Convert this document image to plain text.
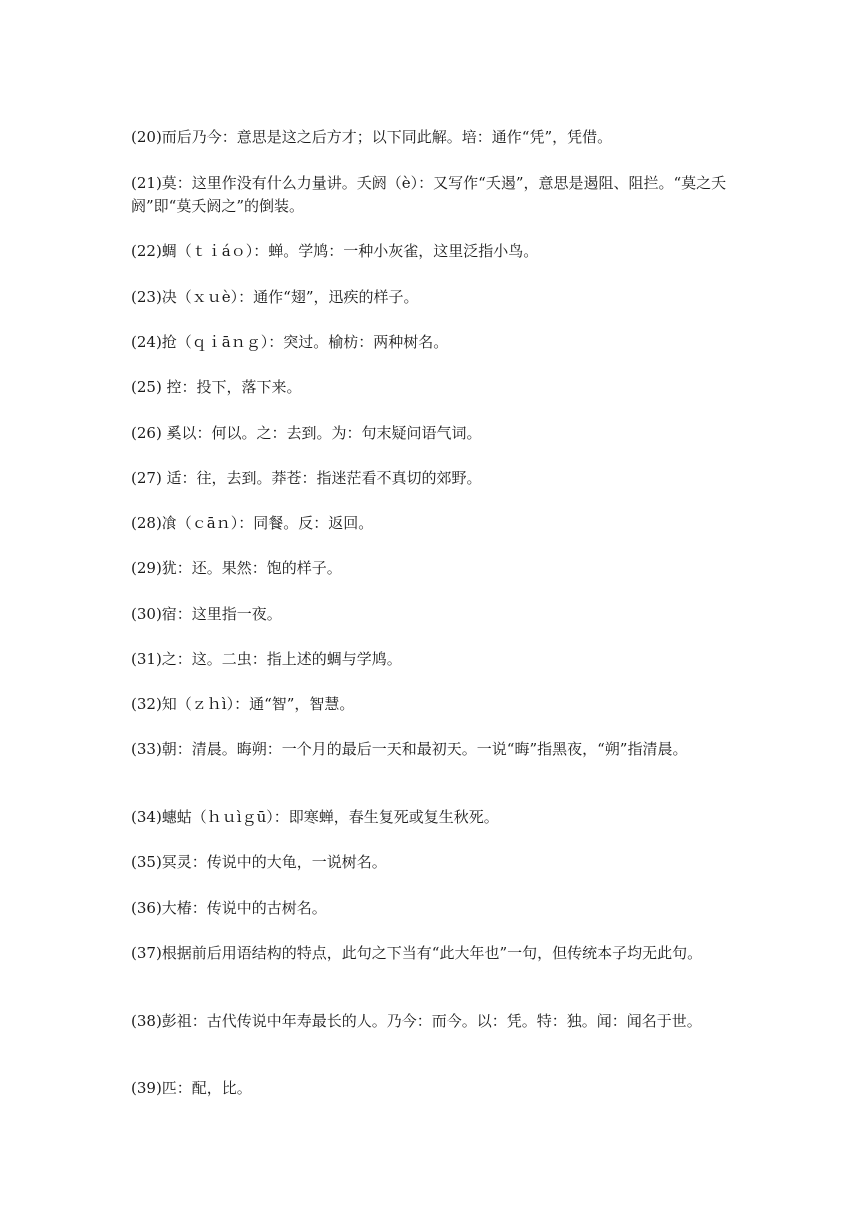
(20)而后乃今：意思是这之后方才；以下同此解。培：通作“凭”，凭借。

(21)莫：这里作没有什么力量讲。夭阏（è）：又写作“夭遏”，意思是遏阻、阻拦。“莫之夭阏”即“莫夭阏之”的倒装。

(22)蜩（ｔｉáｏ）：蝉。学鸠：一种小灰雀，这里泛指小鸟。

(23)决（ｘｕè）：通作“翅”，迅疾的样子。

(24)抢（ｑｉāｎｇ）：突过。榆枋：两种树名。

(25) 控：投下，落下来。

(26) 奚以：何以。之：去到。为：句末疑问语气词。

(27) 适：往，去到。莽苍：指迷茫看不真切的郊野。

(28)飡（ｃāｎ）：同餐。反：返回。

(29)犹：还。果然：饱的样子。

(30)宿：这里指一夜。

(31)之：这。二虫：指上述的蜩与学鸠。

(32)知（ｚｈì）：通“智”，智慧。

(33)朝：清晨。晦朔：一个月的最后一天和最初天。一说“晦”指黑夜，“朔”指清晨。

(34)蟪蛄（ｈｕìｇū）：即寒蝉，春生复死或复生秋死。

(35)冥灵：传说中的大龟，一说树名。

(36)大椿：传说中的古树名。

(37)根据前后用语结构的特点，此句之下当有“此大年也”一句，但传统本子均无此句。

(38)彭祖：古代传说中年寿最长的人。乃今：而今。以：凭。特：独。闻：闻名于世。

(39)匹：配，比。
